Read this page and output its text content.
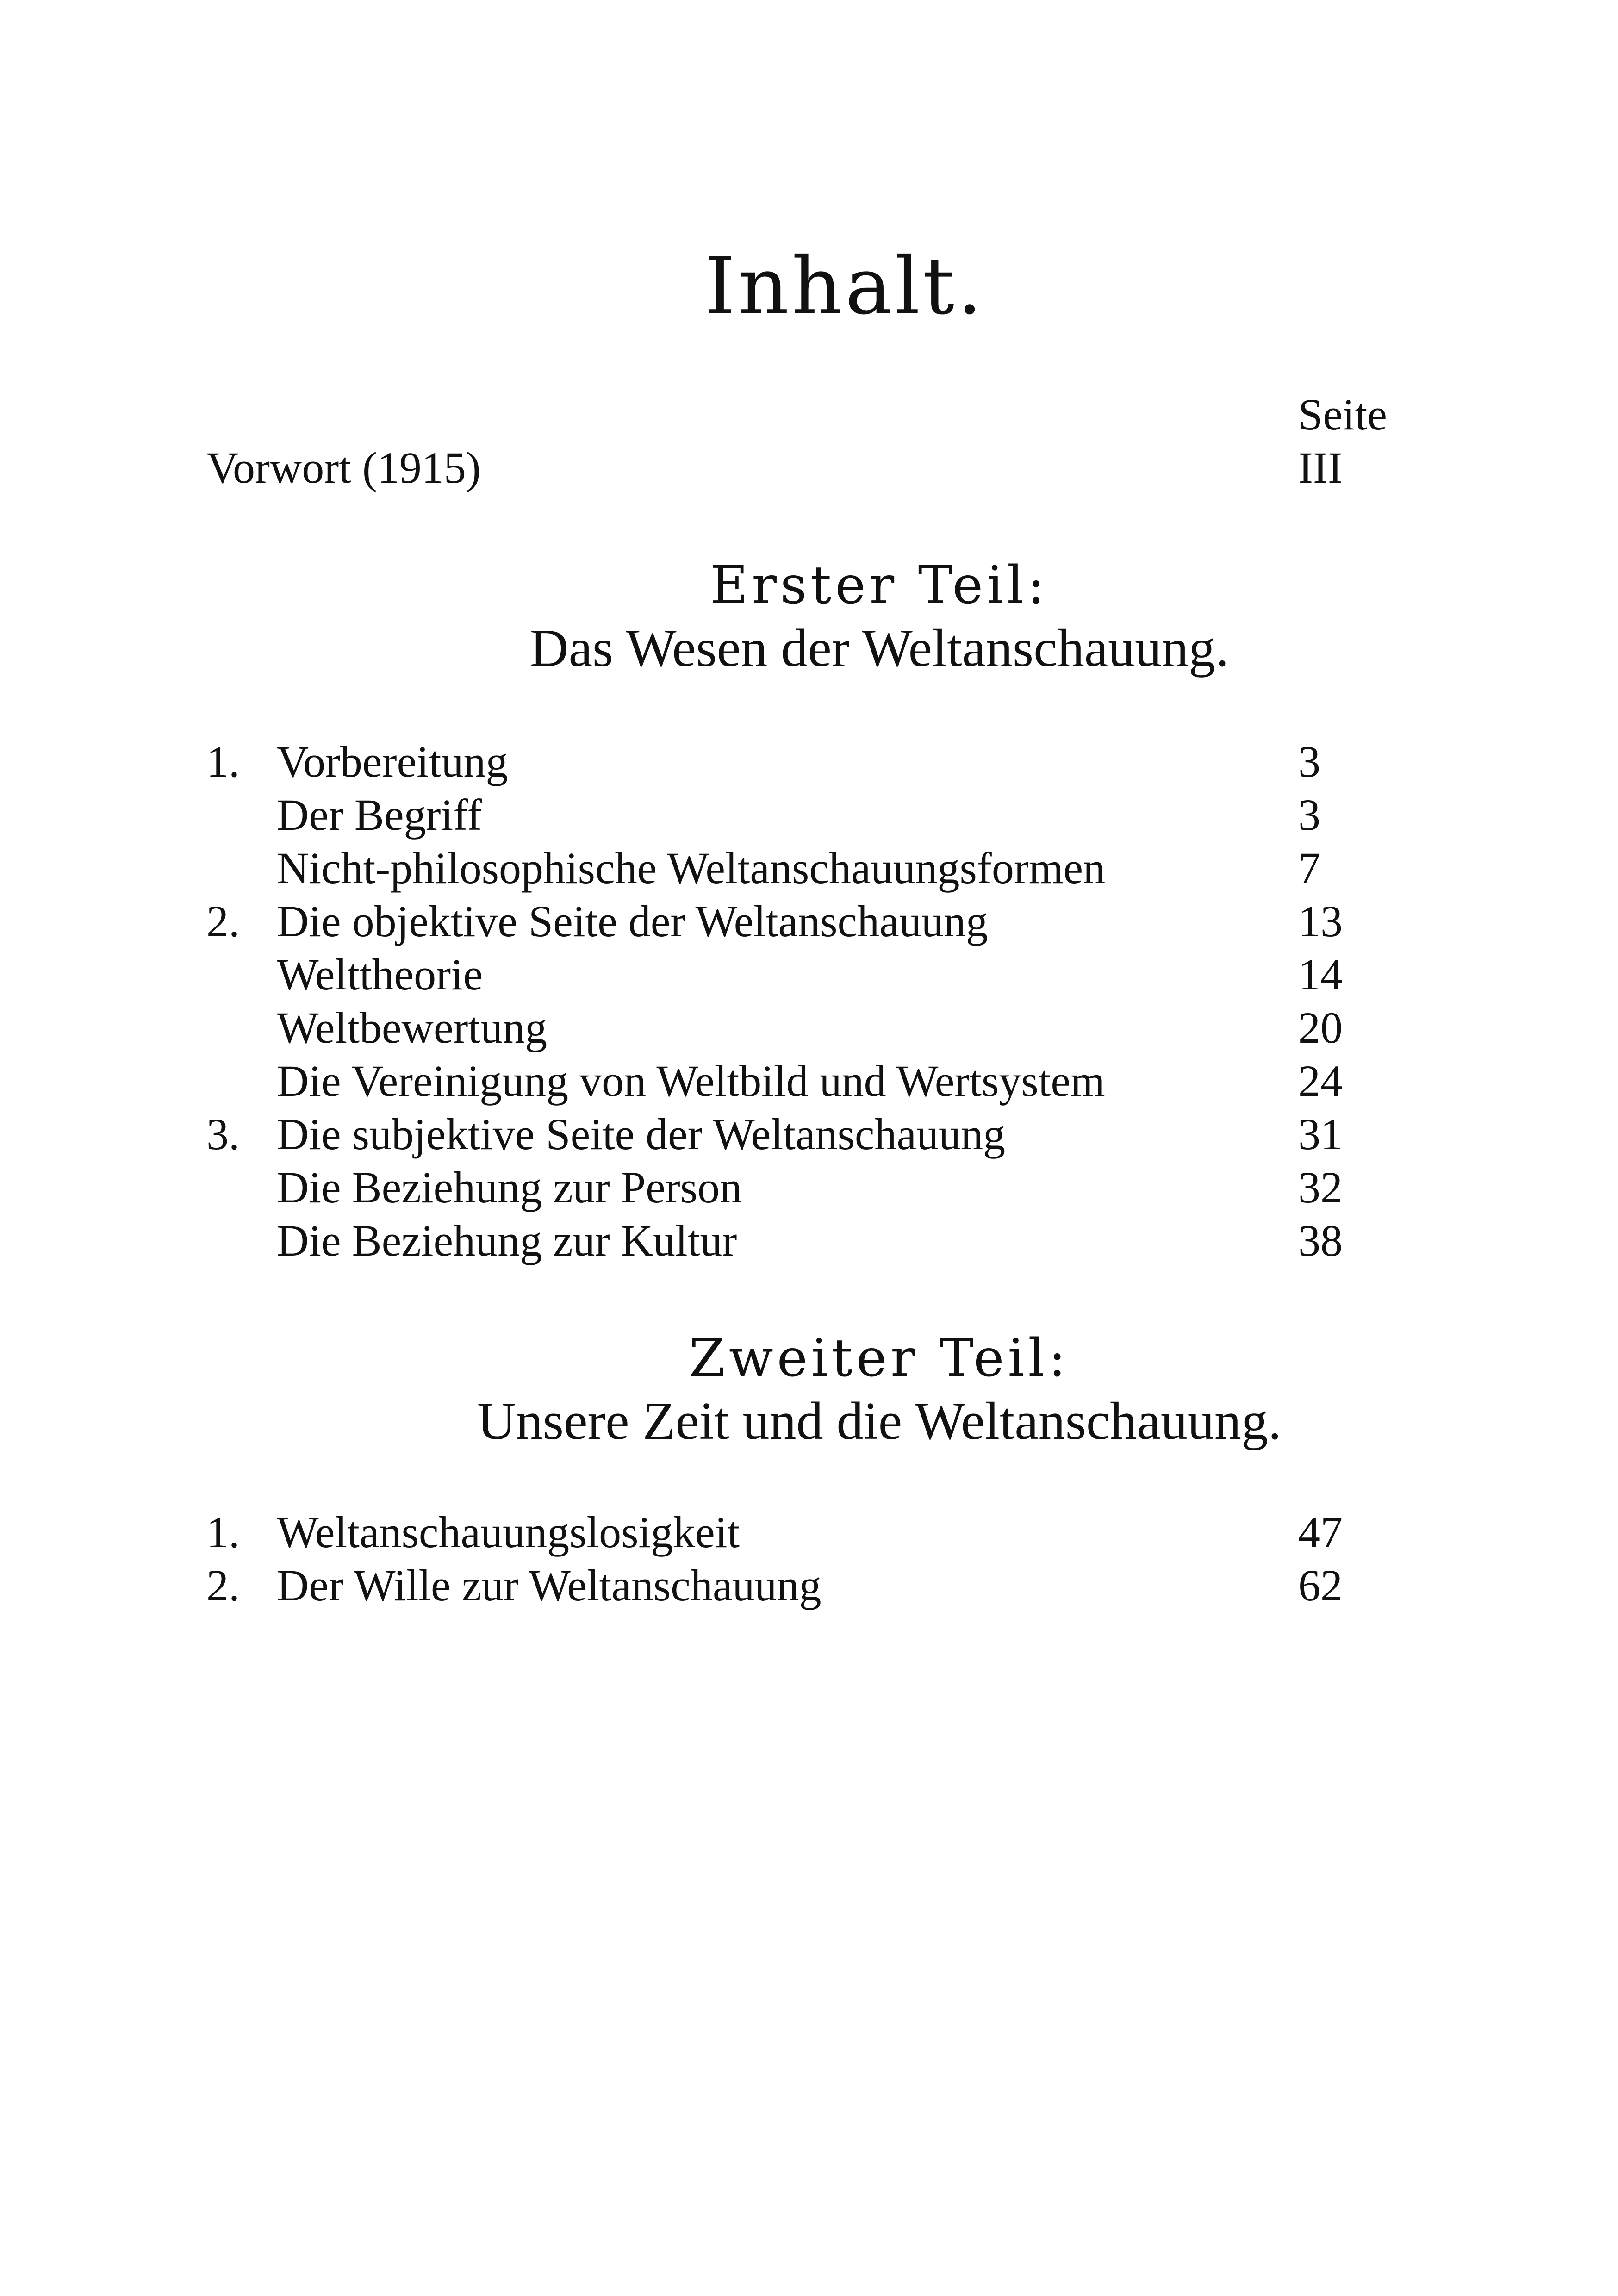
Inhalt.
Seite
Vorwort (1915)	III
Erster Teil:
Das Wesen der Weltanschauung.
1. Vorbereitung	3
Der Begriff	3
Nicht-philosophische Weltanschauungsformen	7
2. Die objektive Seite der Weltanschauung	13
Welttheorie	14
Weltbewertung	20
Die Vereinigung von Weltbild und Wertsystem	24
3. Die subjektive Seite der Weltanschauung	31
Die Beziehung zur Person	32
Die Beziehung zur Kultur	38
Zweiter Teil:
Unsere Zeit und die Weltanschauung.
1. Weltanschauungslosigkeit	47
2. Der Wille zur Weltanschauung	62
